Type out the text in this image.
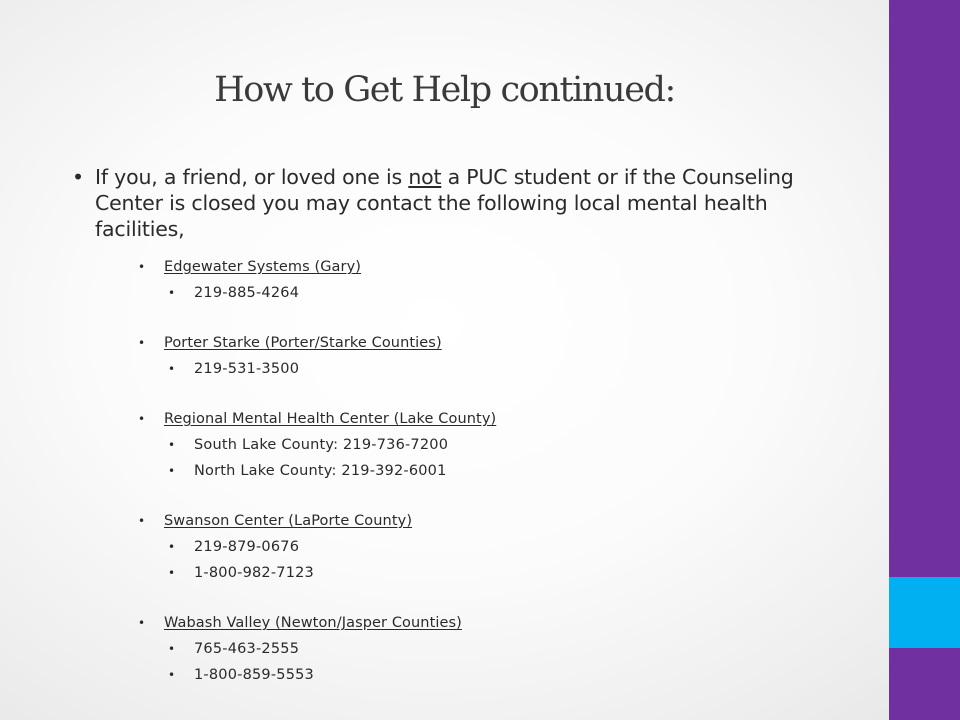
How to Get Help continued:
• If you, a friend, or loved one is not a PUC student or if the Counseling Center is closed you may contact the following local mental health facilities,
• Edgewater Systems (Gary)
• 219-885-4264
• Porter Starke (Porter/Starke Counties)
• 219-531-3500
• Regional Mental Health Center (Lake County)
• South Lake County: 219-736-7200
• North Lake County: 219-392-6001
• Swanson Center (LaPorte County)
• 219-879-0676
• 1-800-982-7123
• Wabash Valley (Newton/Jasper Counties)
• 765-463-2555
• 1-800-859-5553
